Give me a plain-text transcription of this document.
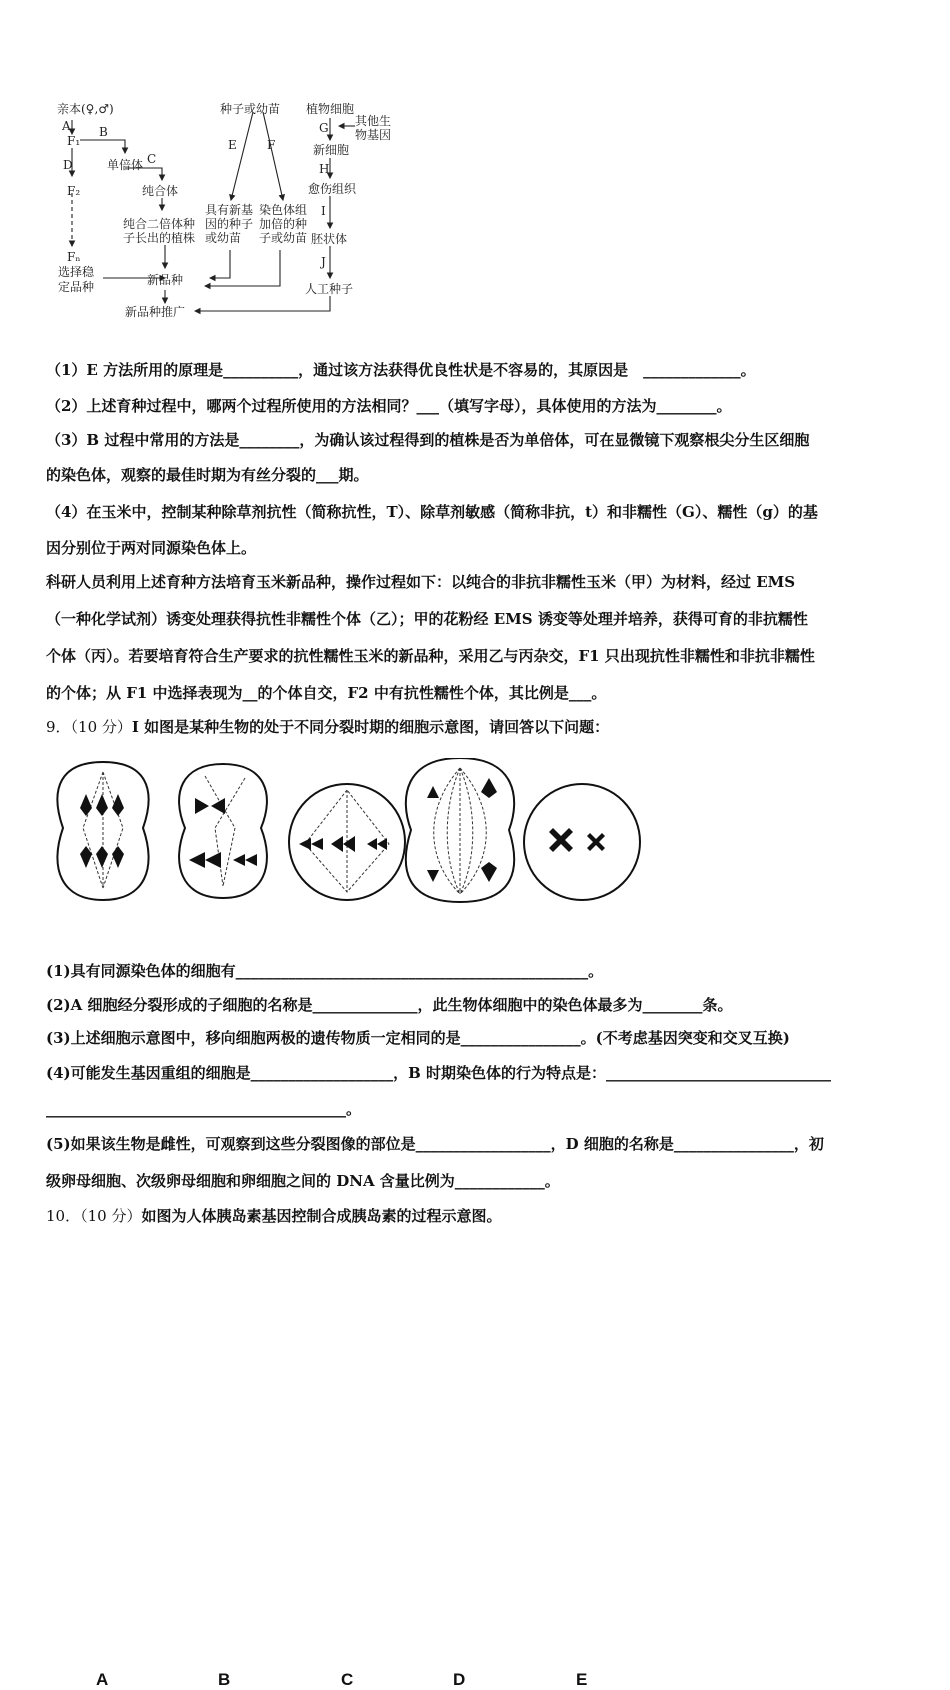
亲本(♀,♂)
A B
F₁
C
单倍体
D
纯合体
F₂
纯合二倍体种
子长出的植株
Fₙ
选择稳
定品种
种子或幼苗
E	F
具有新基
因的种子
或幼苗
染色体组
加倍的种
子或幼苗
新品种
新品种推广
植物细胞
G 其他生
物基因
新细胞
H
愈伤组织
I
胚状体
J
人工种子
（1）E 方法所用的原理是__________，通过该方法获得优良性状是不容易的，其原因是　_____________。
（2）上述育种过程中，哪两个过程所使用的方法相同？___（填写字母），具体使用的方法为________。
（3）B 过程中常用的方法是________，为确认该过程得到的植株是否为单倍体，可在显微镜下观察根尖分生区细胞
的染色体，观察的最佳时期为有丝分裂的___期。
（4）在玉米中，控制某种除草剂抗性（简称抗性，T）、除草剂敏感（简称非抗，t）和非糯性（G）、糯性（g）的基
因分别位于两对同源染色体上。
科研人员利用上述育种方法培育玉米新品种，操作过程如下：以纯合的非抗非糯性玉米（甲）为材料，经过 EMS
（一种化学试剂）诱变处理获得抗性非糯性个体（乙）；甲的花粉经 EMS 诱变等处理并培养，获得可育的非抗糯性
个体（丙）。若要培育符合生产要求的抗性糯性玉米的新品种，采用乙与丙杂交，F1 只出现抗性非糯性和非抗非糯性
的个体；从 F1 中选择表现为__的个体自交，F2 中有抗性糯性个体，其比例是___。
9．（10 分）I 如图是某种生物的处于不同分裂时期的细胞示意图，请回答以下问题：
A	B	C	D	E
(1)具有同源染色体的细胞有_______________________________________________。
(2)A 细胞经分裂形成的子细胞的名称是______________，此生物体细胞中的染色体最多为________条。
(3)上述细胞示意图中，移向细胞两极的遗传物质一定相同的是________________。(不考虑基因突变和交叉互换)
(4)可能发生基因重组的细胞是___________________，B 时期染色体的行为特点是：______________________________
________________________________________。
(5)如果该生物是雌性，可观察到这些分裂图像的部位是__________________，D 细胞的名称是________________，初
级卵母细胞、次级卵母细胞和卵细胞之间的 DNA 含量比例为____________。
10．（10 分）如图为人体胰岛素基因控制合成胰岛素的过程示意图。
